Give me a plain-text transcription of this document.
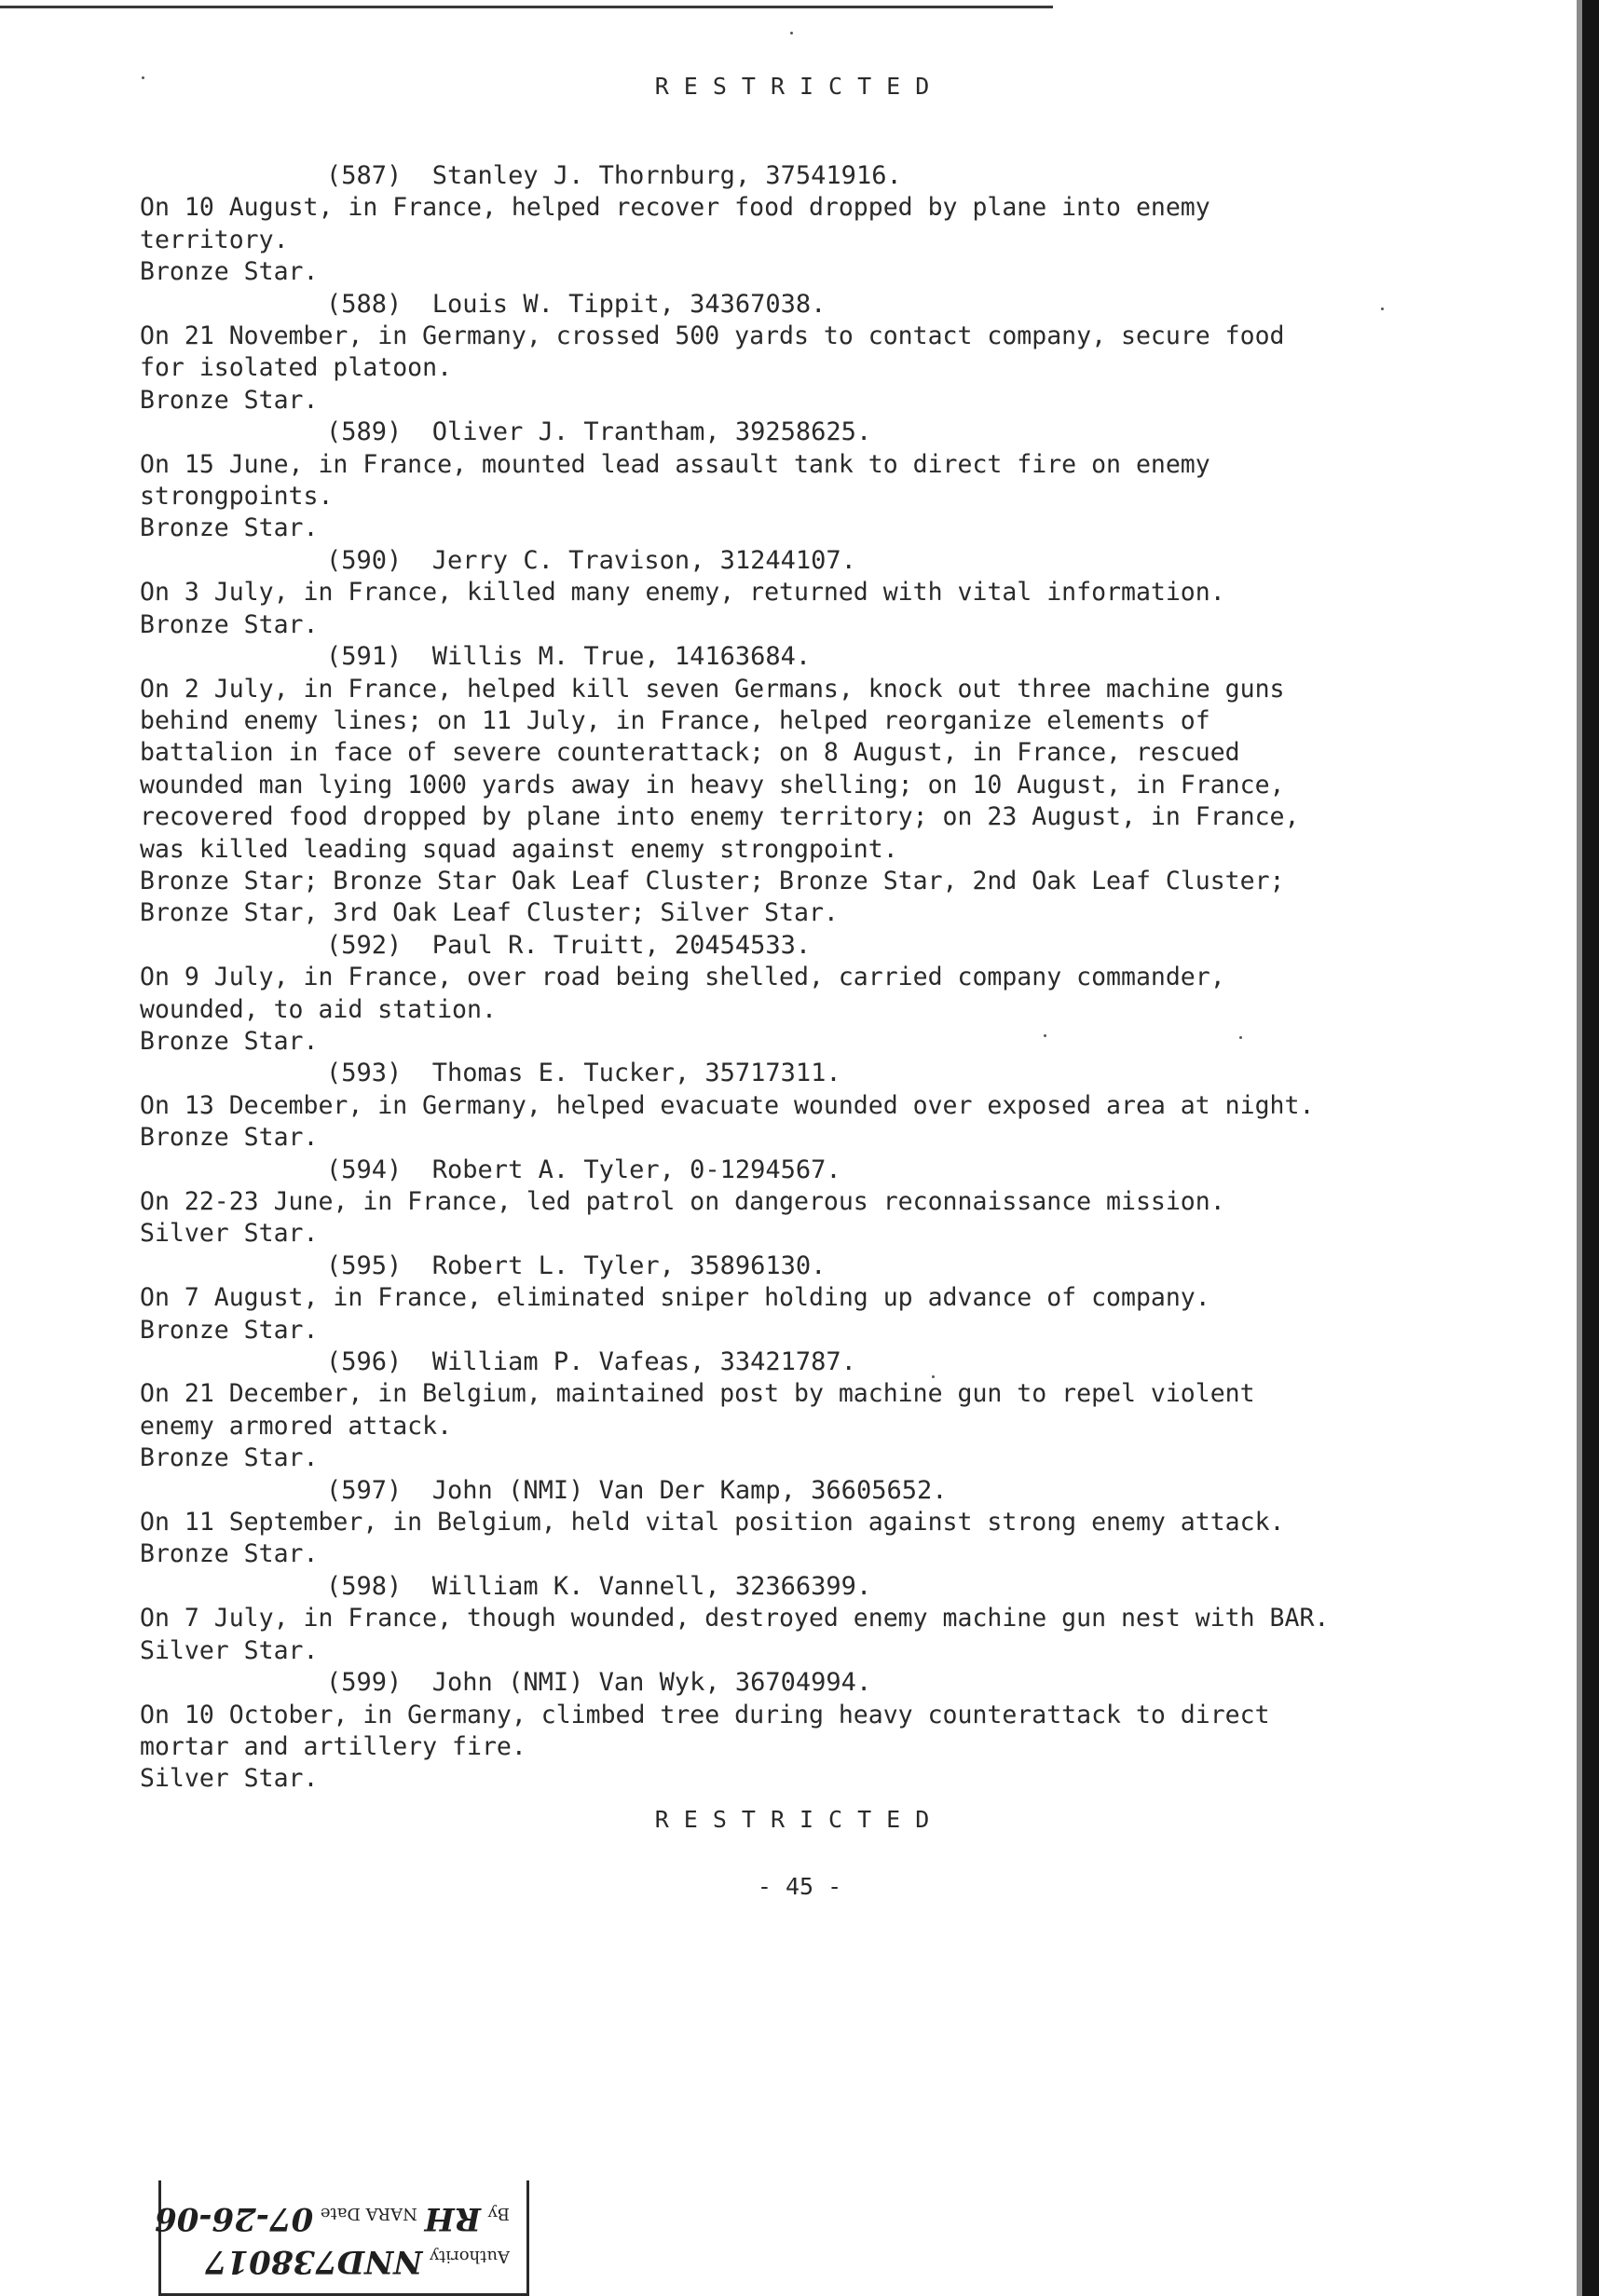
RESTRICTED
(587)  Stanley J. Thornburg, 37541916.
On 10 August, in France, helped recover food dropped by plane into enemy
territory.
Bronze Star.
(588)  Louis W. Tippit, 34367038.
On 21 November, in Germany, crossed 500 yards to contact company, secure food
for isolated platoon.
Bronze Star.
(589)  Oliver J. Trantham, 39258625.
On 15 June, in France, mounted lead assault tank to direct fire on enemy
strongpoints.
Bronze Star.
(590)  Jerry C. Travison, 31244107.
On 3 July, in France, killed many enemy, returned with vital information.
Bronze Star.
(591)  Willis M. True, 14163684.
On 2 July, in France, helped kill seven Germans, knock out three machine guns
behind enemy lines; on 11 July, in France, helped reorganize elements of
battalion in face of severe counterattack; on 8 August, in France, rescued
wounded man lying 1000 yards away in heavy shelling; on 10 August, in France,
recovered food dropped by plane into enemy territory; on 23 August, in France,
was killed leading squad against enemy strongpoint.
Bronze Star; Bronze Star Oak Leaf Cluster; Bronze Star, 2nd Oak Leaf Cluster;
Bronze Star, 3rd Oak Leaf Cluster; Silver Star.
(592)  Paul R. Truitt, 20454533.
On 9 July, in France, over road being shelled, carried company commander,
wounded, to aid station.
Bronze Star.
(593)  Thomas E. Tucker, 35717311.
On 13 December, in Germany, helped evacuate wounded over exposed area at night.
Bronze Star.
(594)  Robert A. Tyler, 0-1294567.
On 22-23 June, in France, led patrol on dangerous reconnaissance mission.
Silver Star.
(595)  Robert L. Tyler, 35896130.
On 7 August, in France, eliminated sniper holding up advance of company.
Bronze Star.
(596)  William P. Vafeas, 33421787.
On 21 December, in Belgium, maintained post by machine gun to repel violent
enemy armored attack.
Bronze Star.
(597)  John (NMI) Van Der Kamp, 36605652.
On 11 September, in Belgium, held vital position against strong enemy attack.
Bronze Star.
(598)  William K. Vannell, 32366399.
On 7 July, in France, though wounded, destroyed enemy machine gun nest with BAR.
Silver Star.
(599)  John (NMI) Van Wyk, 36704994.
On 10 October, in Germany, climbed tree during heavy counterattack to direct
mortar and artillery fire.
Silver Star.
RESTRICTED
- 45 -
Authority NND738017
By RH NARA Date 07-26-06
